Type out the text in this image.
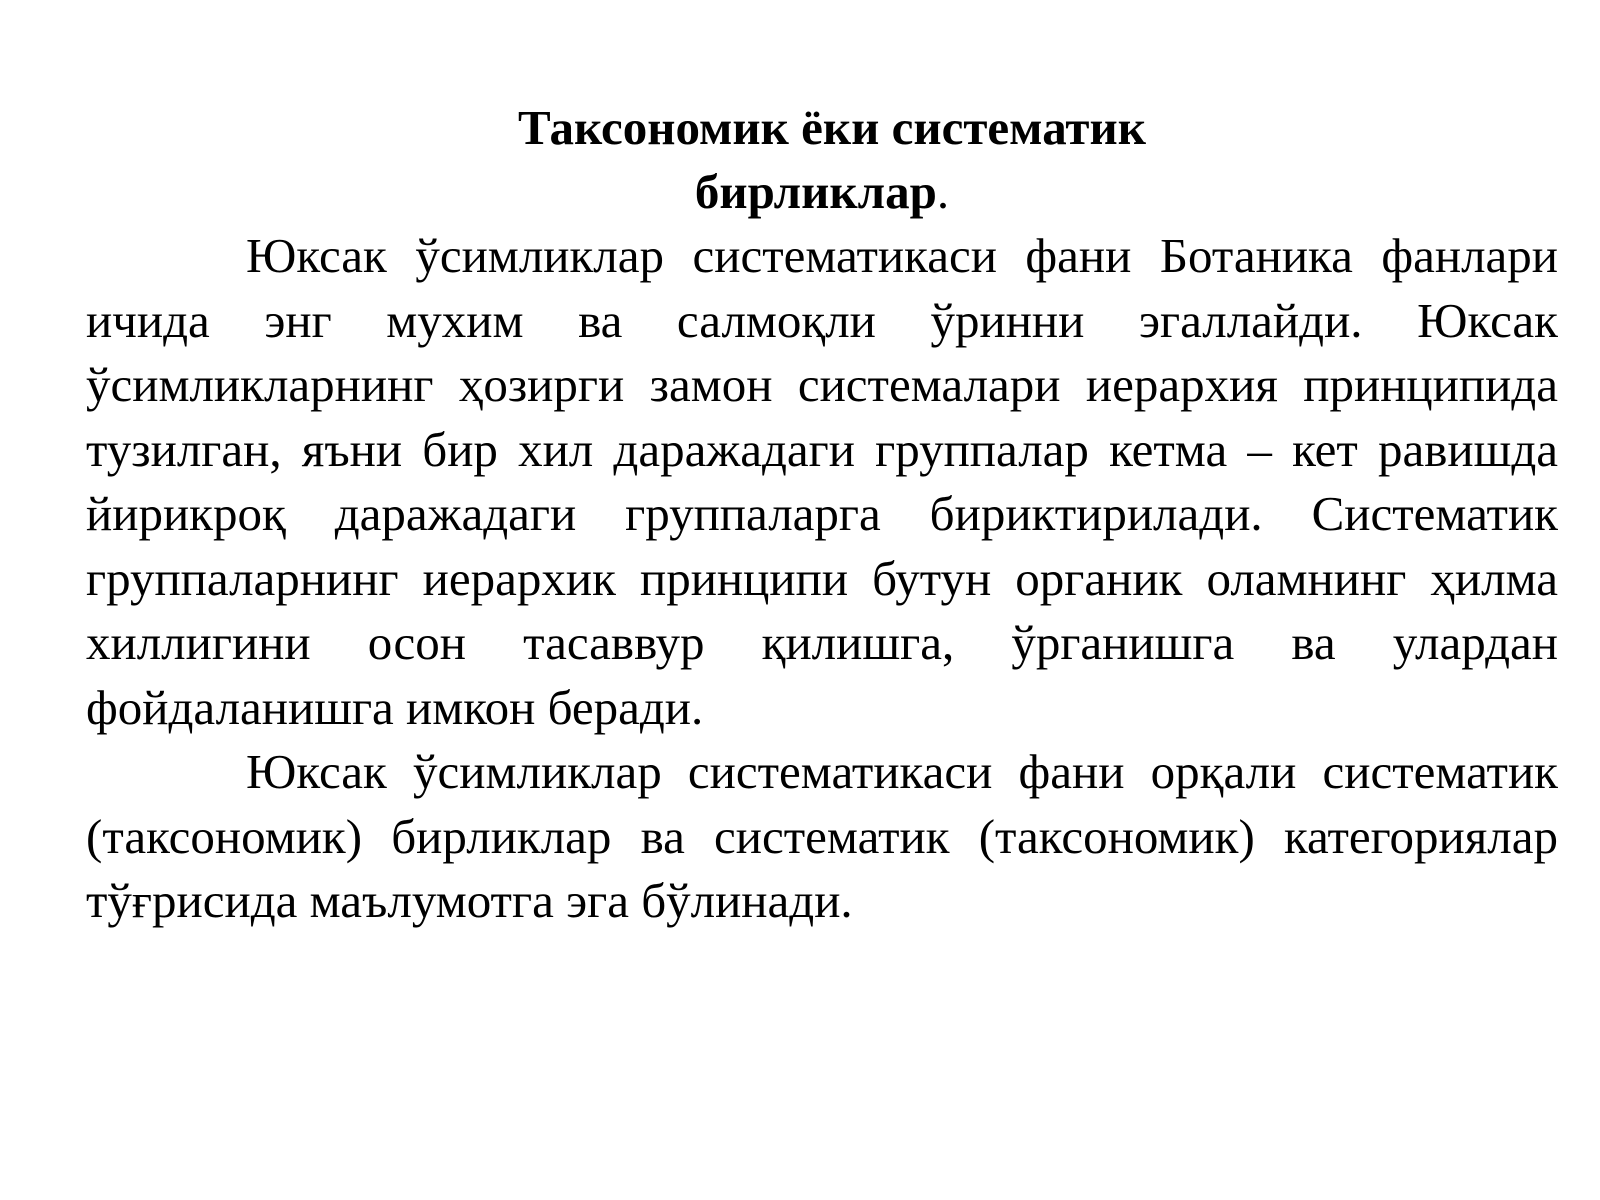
Таксономик ёки систематик
бирликлар.

Юксак ўсимликлар систематикаси фани Ботаника фанлари ичида энг мухим ва салмоқли ўринни эгаллайди. Юксак ўсимликларнинг ҳозирги замон системалари иерархия принципида тузилган, яъни бир хил даражадаги группалар кетма – кет равишда йирикроқ даражадаги группаларга бириктирилади. Систематик группаларнинг иерархик принципи бутун органик оламнинг ҳилма хиллигини осон тасаввур қилишга, ўрганишга ва улардан фойдаланишга имкон беради.

Юксак ўсимликлар систематикаси фани орқали систематик (таксономик) бирликлар ва систематик (таксономик) категориялар тўғрисида маълумотга эга бўлинади.
